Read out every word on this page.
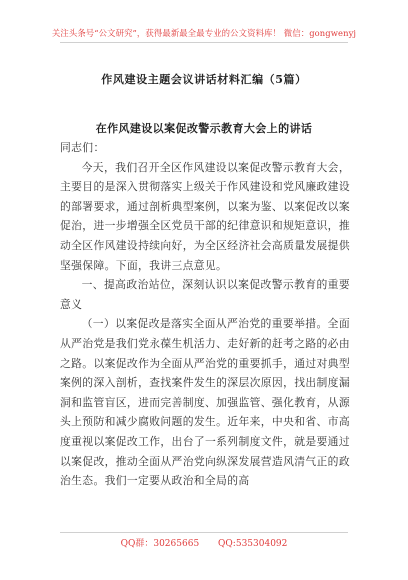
关注头条号“公文研究”，获得最新最全最专业的公文资料库！ 微信：gongwenyj
作风建设主题会议讲话材料汇编（5篇）
在作风建设以案促改警示教育大会上的讲话

同志们：

今天，我们召开全区作风建设以案促改警示教育大会，主要目的是深入贯彻落实上级关于作风建设和党风廉政建设的部署要求，通过剖析典型案例，以案为鉴、以案促改以案促治，进一步增强全区党员干部的纪律意识和规矩意识，推动全区作风建设持续向好，为全区经济社会高质量发展提供坚强保障。下面，我讲三点意见。

一、提高政治站位，深刻认识以案促改警示教育的重要意义

（一）以案促改是落实全面从严治党的重要举措。全面从严治党是我们党永葆生机活力、走好新的赶考之路的必由之路。以案促改作为全面从严治党的重要抓手，通过对典型案例的深入剖析，查找案件发生的深层次原因，找出制度漏洞和监管盲区，进而完善制度、加强监管、强化教育，从源头上预防和减少腐败问题的发生。近年来，中央和省、市高度重视以案促改工作，出台了一系列制度文件，就是要通过以案促改，推动全面从严治党向纵深发展营造风清气正的政治生态。我们一定要从政治和全局的高

QQ群：30265665 QQ:535304092
